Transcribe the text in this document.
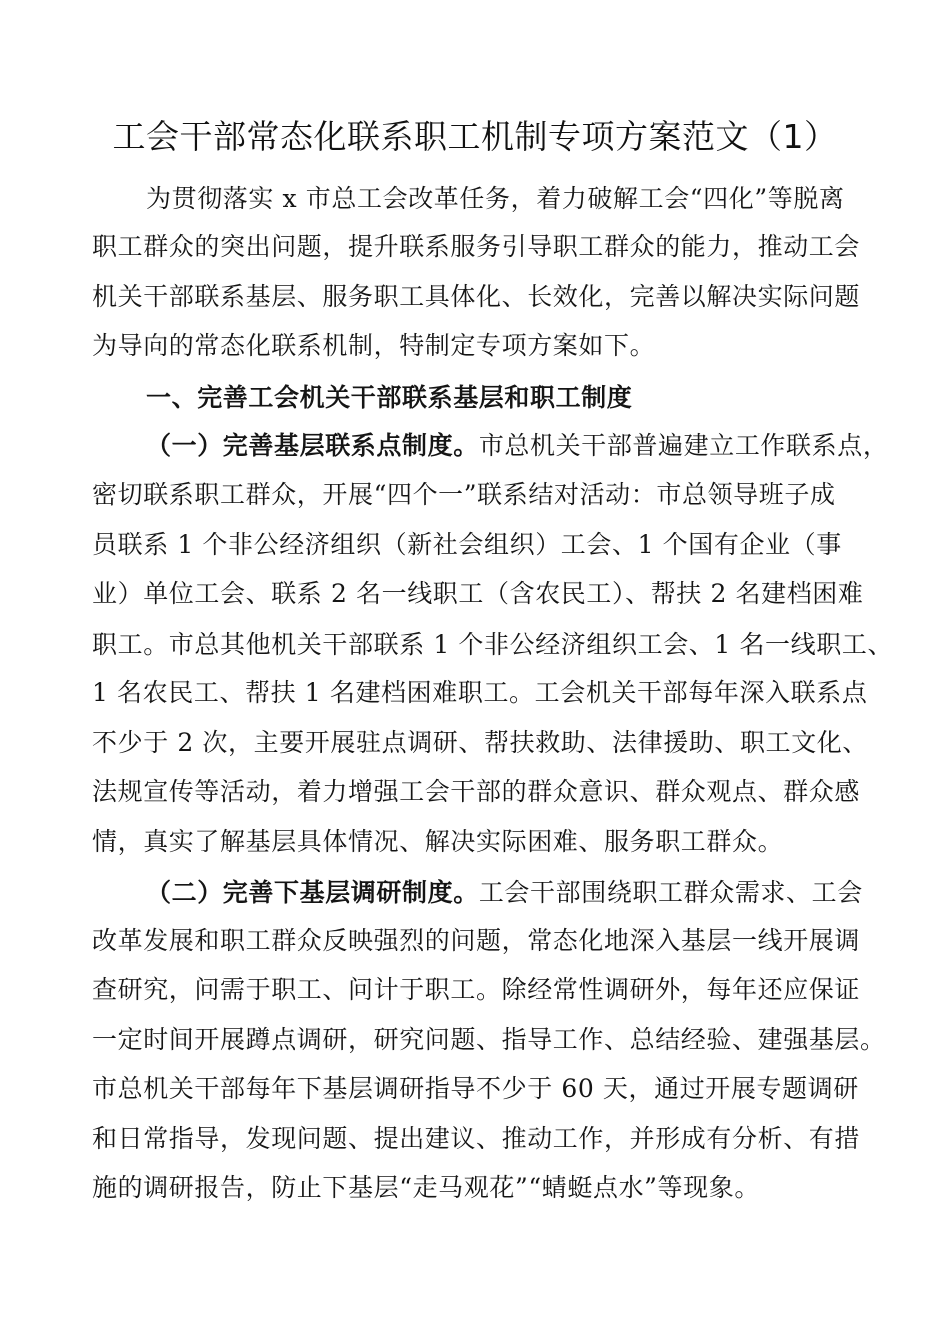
工会干部常态化联系职工机制专项方案范文（1）
为贯彻落实 x 市总工会改革任务，着力破解工会“四化”等脱离
职工群众的突出问题，提升联系服务引导职工群众的能力，推动工会
机关干部联系基层、服务职工具体化、长效化，完善以解决实际问题
为导向的常态化联系机制，特制定专项方案如下。
一、完善工会机关干部联系基层和职工制度
（一）完善基层联系点制度。市总机关干部普遍建立工作联系点，
密切联系职工群众，开展“四个一”联系结对活动：市总领导班子成
员联系 1 个非公经济组织（新社会组织）工会、1 个国有企业（事
业）单位工会、联系 2 名一线职工（含农民工）、帮扶 2 名建档困难
职工。市总其他机关干部联系 1 个非公经济组织工会、1 名一线职工、
1 名农民工、帮扶 1 名建档困难职工。工会机关干部每年深入联系点
不少于 2 次，主要开展驻点调研、帮扶救助、法律援助、职工文化、
法规宣传等活动，着力增强工会干部的群众意识、群众观点、群众感
情，真实了解基层具体情况、解决实际困难、服务职工群众。
（二）完善下基层调研制度。工会干部围绕职工群众需求、工会
改革发展和职工群众反映强烈的问题，常态化地深入基层一线开展调
查研究，问需于职工、问计于职工。除经常性调研外，每年还应保证
一定时间开展蹲点调研，研究问题、指导工作、总结经验、建强基层。
市总机关干部每年下基层调研指导不少于 60 天，通过开展专题调研
和日常指导，发现问题、提出建议、推动工作，并形成有分析、有措
施的调研报告，防止下基层“走马观花”“蜻蜓点水”等现象。
